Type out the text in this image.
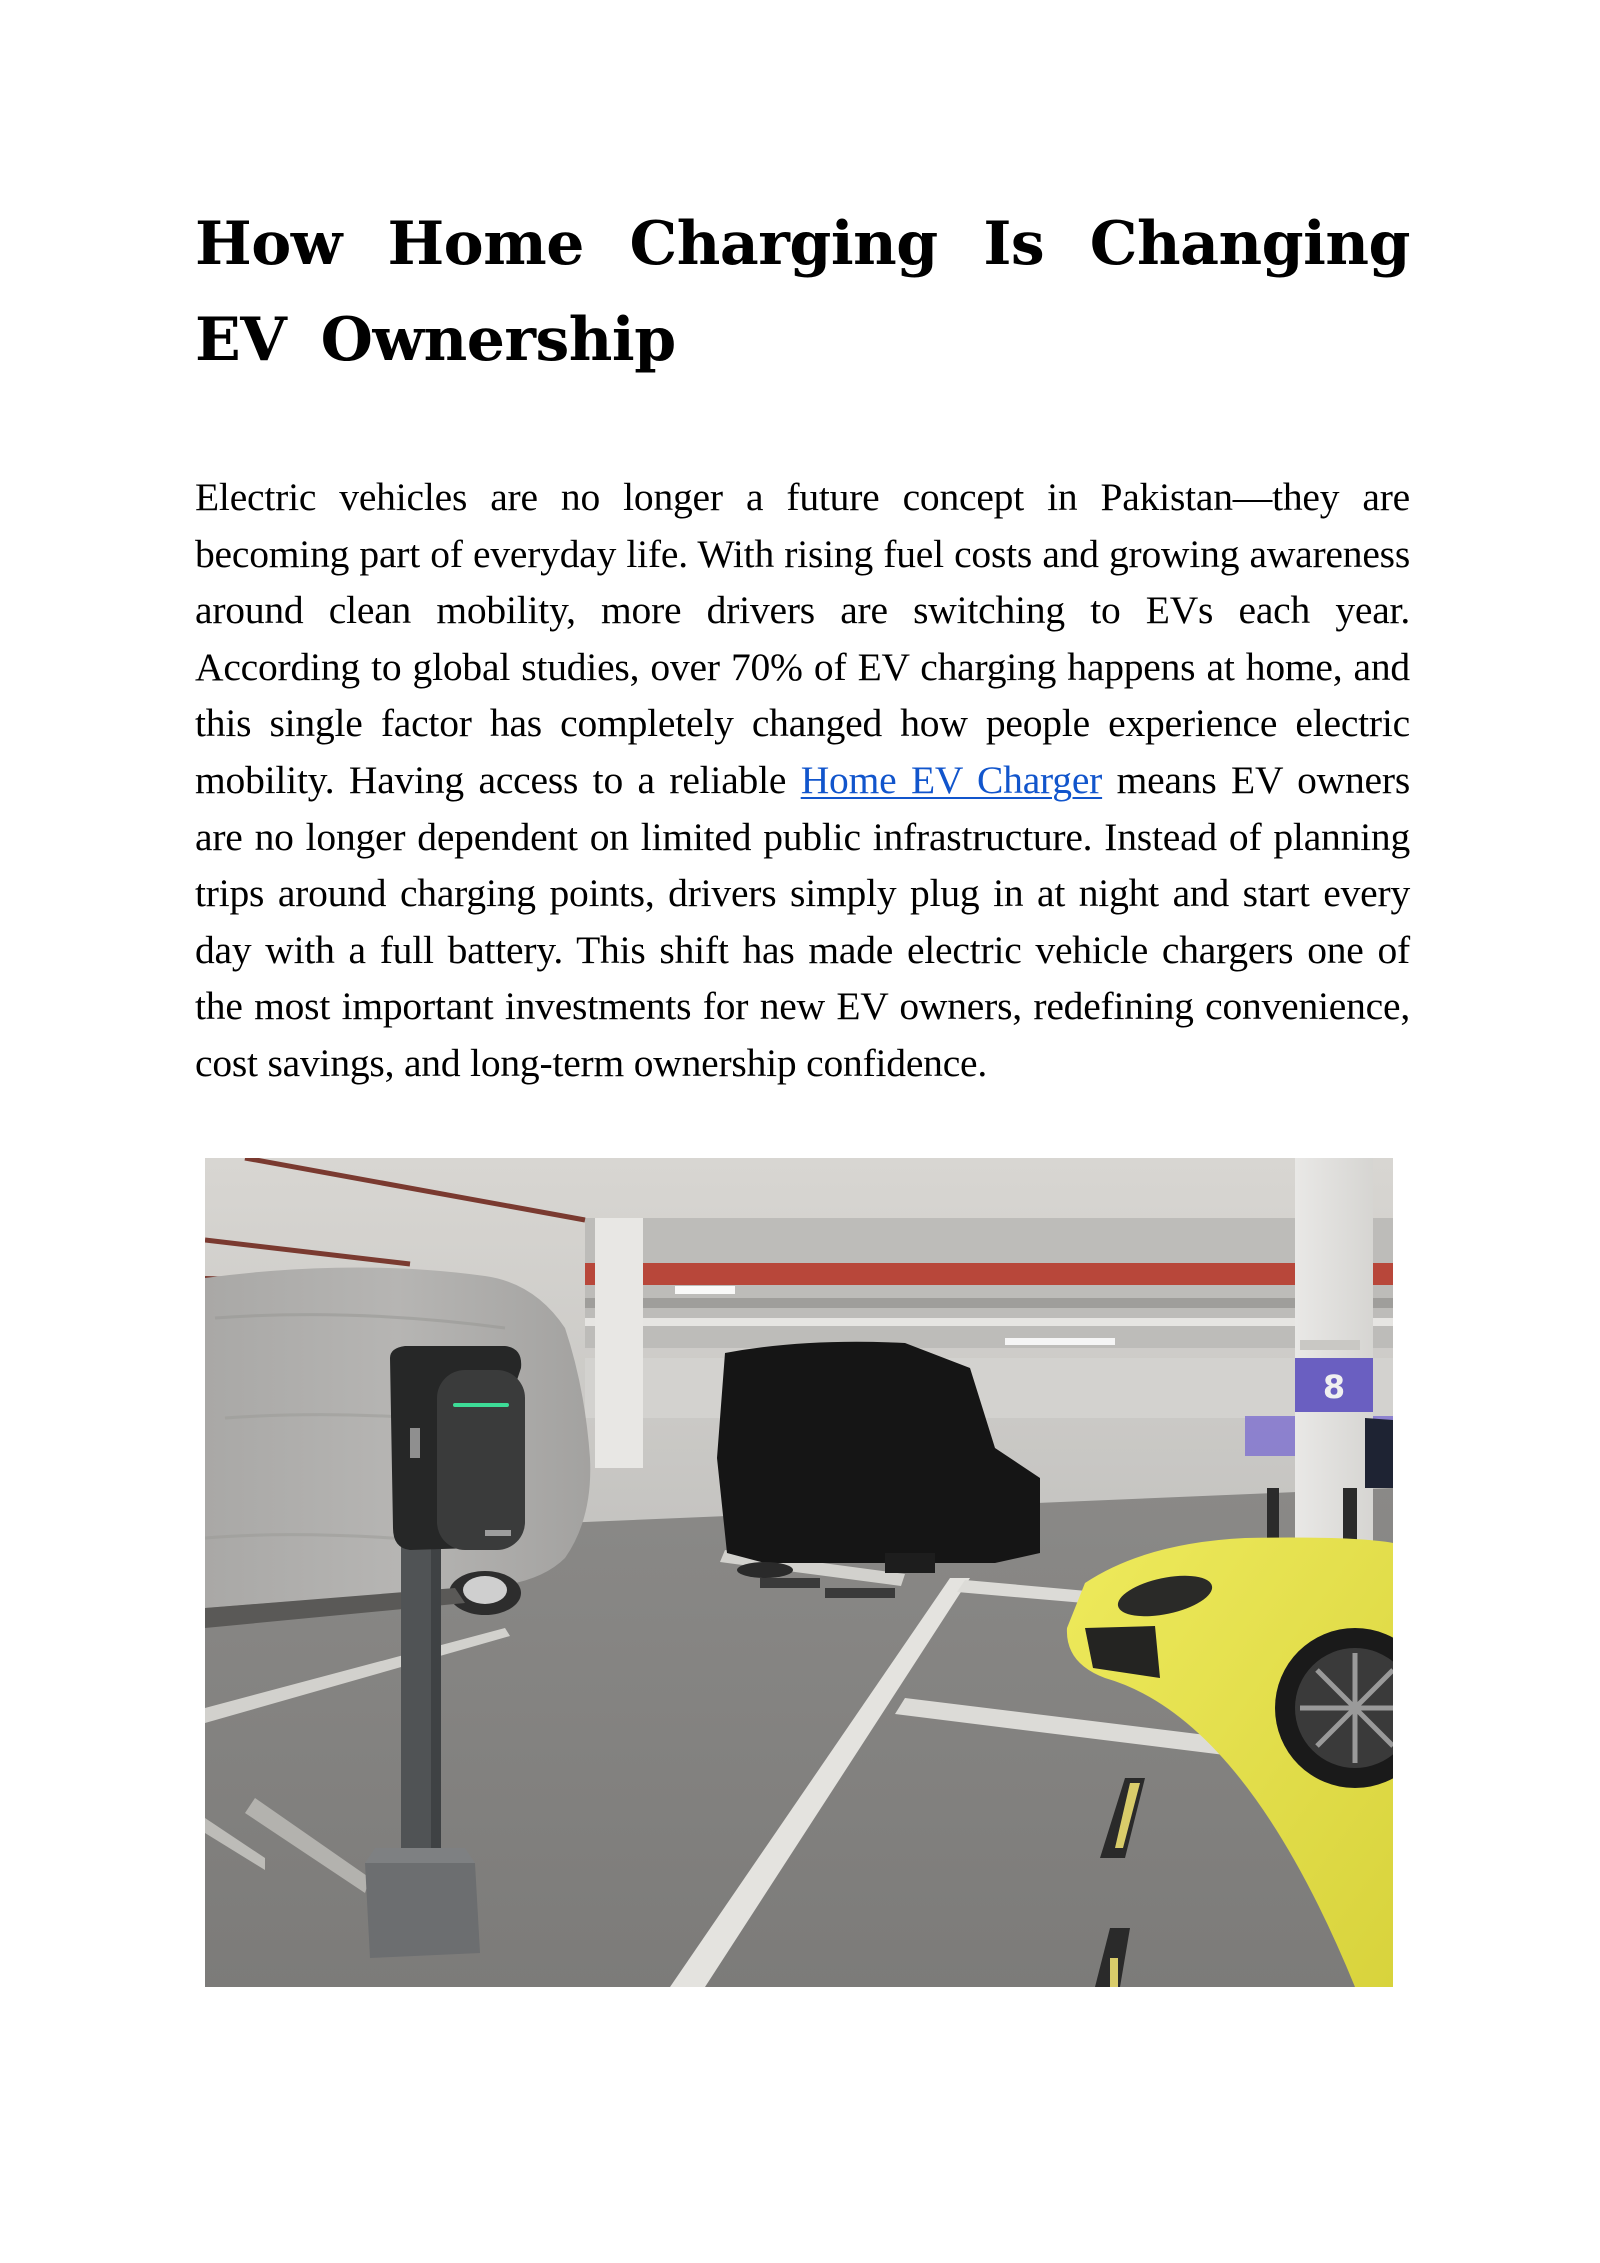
How Home Charging Is Changing EV Ownership

Electric vehicles are no longer a future concept in Pakistan—they are becoming part of everyday life. With rising fuel costs and growing awareness around clean mobility, more drivers are switching to EVs each year. According to global studies, over 70% of EV charging happens at home, and this single factor has completely changed how people experience electric mobility. Having access to a reliable Home EV Charger means EV owners are no longer dependent on limited public infrastructure. Instead of planning trips around charging points, drivers simply plug in at night and start every day with a full battery. This shift has made electric vehicle chargers one of the most important investments for new EV owners, redefining convenience, cost savings, and long-term ownership confidence.

8
